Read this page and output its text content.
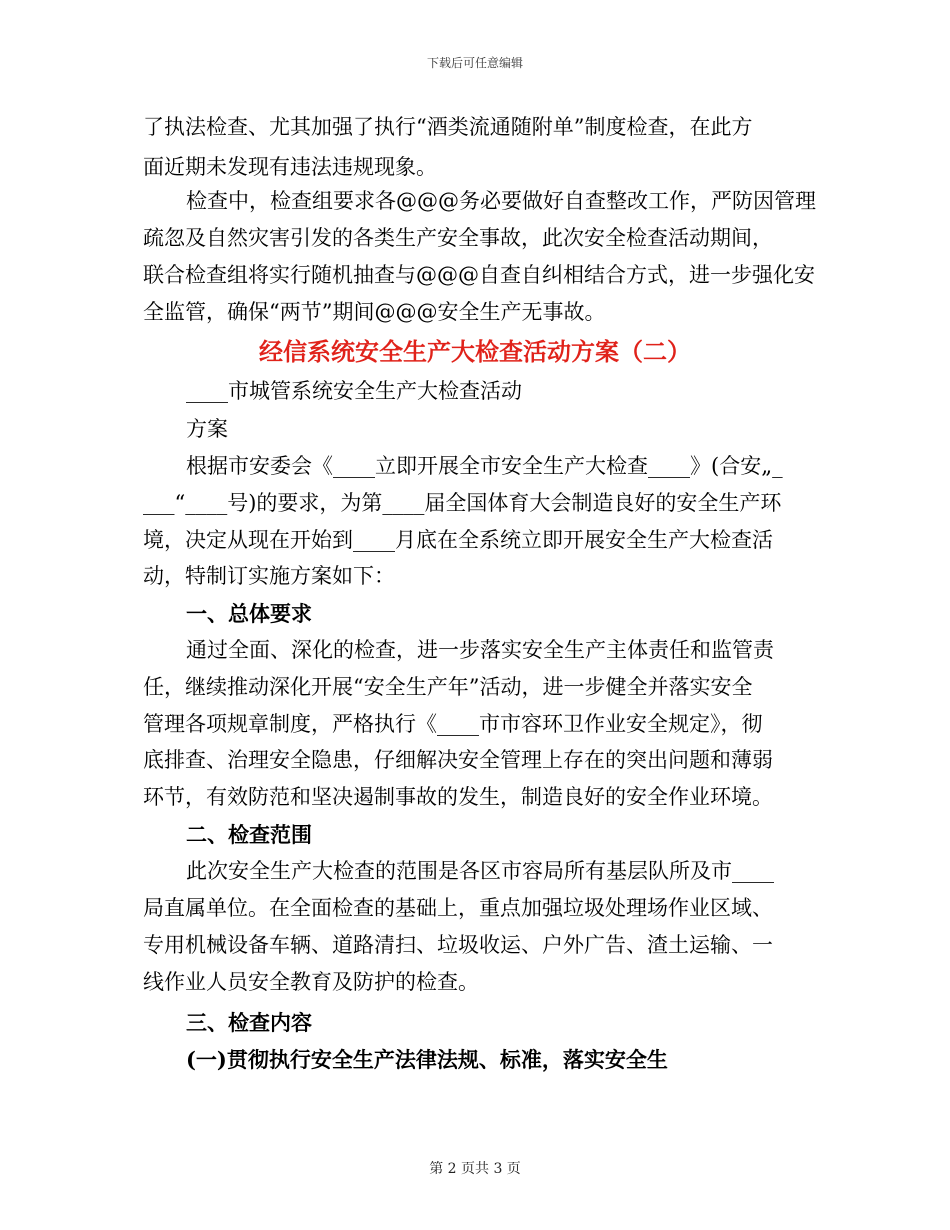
下载后可任意编辑
了执法检查、尤其加强了执行“酒类流通随附单”制度检查，在此方
面近期未发现有违法违规现象。
检查中，检查组要求各@@@务必要做好自查整改工作，严防因管理
疏忽及自然灾害引发的各类生产安全事故，此次安全检查活动期间，
联合检查组将实行随机抽查与@@@自查自纠相结合方式，进一步强化安
全监管，确保“两节”期间@@@安全生产无事故。
经信系统安全生产大检查活动方案（二）
____市城管系统安全生产大检查活动
方案
根据市安委会《____立即开展全市安全生产大检查____》(合安„_
___“____号)的要求，为第____届全国体育大会制造良好的安全生产环
境，决定从现在开始到____月底在全系统立即开展安全生产大检查活
动，特制订实施方案如下：
一、总体要求
通过全面、深化的检查，进一步落实安全生产主体责任和监管责
任，继续推动深化开展“安全生产年”活动，进一步健全并落实安全
管理各项规章制度，严格执行《____市市容环卫作业安全规定》，彻
底排查、治理安全隐患，仔细解决安全管理上存在的突出问题和薄弱
环节，有效防范和坚决遏制事故的发生，制造良好的安全作业环境。
二、检查范围
此次安全生产大检查的范围是各区市容局所有基层队所及市____
局直属单位。在全面检查的基础上，重点加强垃圾处理场作业区域、
专用机械设备车辆、道路清扫、垃圾收运、户外广告、渣土运输、一
线作业人员安全教育及防护的检查。
三、检查内容
(一)贯彻执行安全生产法律法规、标准，落实安全生
第 2 页共 3 页
